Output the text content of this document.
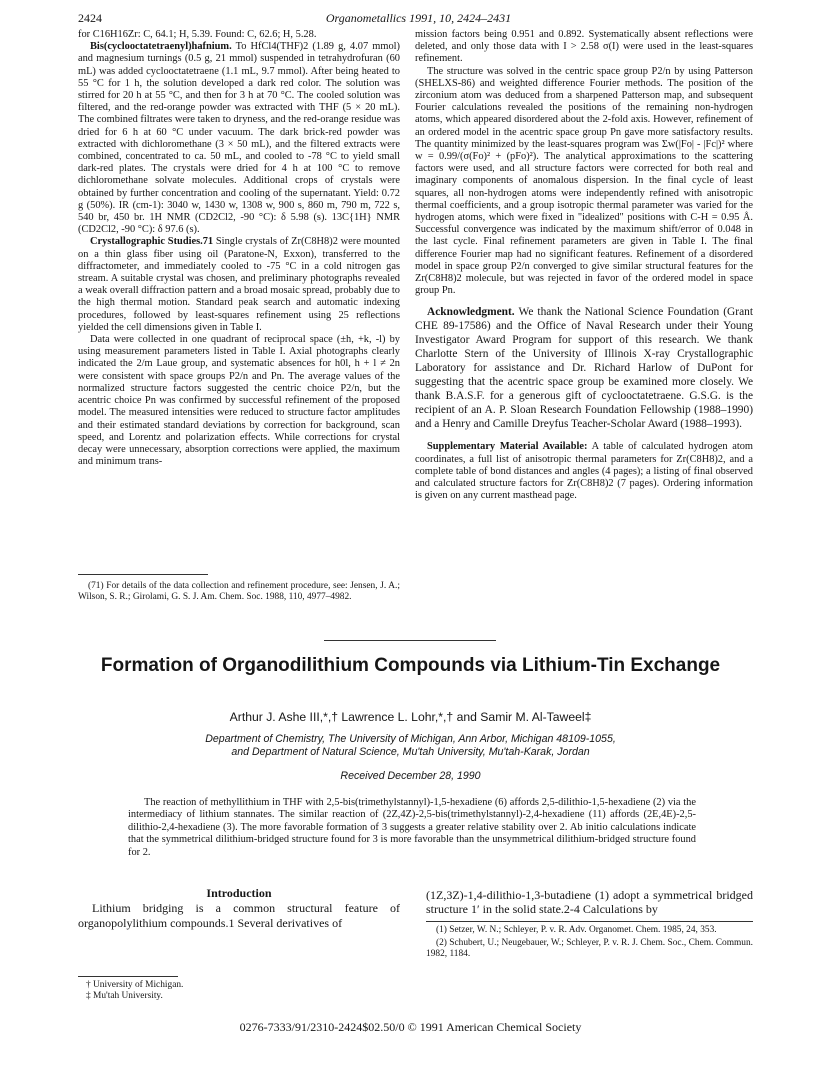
2424	Organometallics 1991, 10, 2424–2431

for C16H16Zr: C, 64.1; H, 5.39. Found: C, 62.6; H, 5.28.

Bis(cyclooctatetraenyl)hafnium. To HfCl4(THF)2 (1.89 g, 4.07 mmol) and magnesium turnings (0.5 g, 21 mmol) suspended in tetrahydrofuran (60 mL) was added cyclooctatetraene (1.1 mL, 9.7 mmol). After being heated to 55 °C for 1 h, the solution developed a dark red color. The solution was stirred for 20 h at 55 °C, and then for 3 h at 70 °C. The cooled solution was filtered, and the red-orange powder was extracted with THF (5 × 20 mL). The combined filtrates were taken to dryness, and the red-orange residue was dried for 6 h at 60 °C under vacuum. The dark brick-red powder was extracted with dichloromethane (3 × 50 mL), and the filtered extracts were combined, concentrated to ca. 50 mL, and cooled to -78 °C to yield small dark-red plates. The crystals were dried for 4 h at 100 °C to remove dichloromethane solvate molecules. Additional crops of crystals were obtained by further concentration and cooling of the supernatant. Yield: 0.72 g (50%). IR (cm-1): 3040 w, 1430 w, 1308 w, 900 s, 860 m, 790 m, 722 s, 540 br, 450 br. 1H NMR (CD2Cl2, -90 °C): δ 5.98 (s). 13C{1H} NMR (CD2Cl2, -90 °C): δ 97.6 (s).

Crystallographic Studies.71 Single crystals of Zr(C8H8)2 were mounted on a thin glass fiber using oil (Paratone-N, Exxon), transferred to the diffractometer, and immediately cooled to -75 °C in a cold nitrogen gas stream. A suitable crystal was chosen, and preliminary photographs revealed a weak overall diffraction pattern and a broad mosaic spread, probably due to the high thermal motion. Standard peak search and automatic indexing procedures, followed by least-squares refinement using 25 reflections yielded the cell dimensions given in Table I.

Data were collected in one quadrant of reciprocal space (±h, +k, -l) by using measurement parameters listed in Table I. Axial photographs clearly indicated the 2/m Laue group, and systematic absences for h0l, h + l ≠ 2n were consistent with space groups P2/n and Pn. The average values of the normalized structure factors suggested the centric choice P2/n, but the acentric choice Pn was confirmed by successful refinement of the proposed model. The measured intensities were reduced to structure factor amplitudes and their estimated standard deviations by correction for background, scan speed, and Lorentz and polarization effects. While corrections for crystal decay were unnecessary, absorption corrections were applied, the maximum and minimum trans-

(71) For details of the data collection and refinement procedure, see: Jensen, J. A.; Wilson, S. R.; Girolami, G. S. J. Am. Chem. Soc. 1988, 110, 4977–4982.

mission factors being 0.951 and 0.892. Systematically absent reflections were deleted, and only those data with I > 2.58 σ(I) were used in the least-squares refinement.

The structure was solved in the centric space group P2/n by using Patterson (SHELXS-86) and weighted difference Fourier methods. The position of the zirconium atom was deduced from a sharpened Patterson map, and subsequent Fourier calculations revealed the positions of the remaining non-hydrogen atoms, which appeared disordered about the 2-fold axis. However, refinement of an ordered model in the acentric space group Pn gave more satisfactory results. The quantity minimized by the least-squares program was Σw(|Fo| - |Fc|)² where w = 0.99/(σ(Fo)² + (pFo)²). The analytical approximations to the scattering factors were used, and all structure factors were corrected for both real and imaginary components of anomalous dispersion. In the final cycle of least squares, all non-hydrogen atoms were independently refined with anisotropic thermal coefficients, and a group isotropic thermal parameter was varied for the hydrogen atoms, which were fixed in "idealized" positions with C-H = 0.95 Å. Successful convergence was indicated by the maximum shift/error of 0.048 in the last cycle. Final refinement parameters are given in Table I. The final difference Fourier map had no significant features. Refinement of a disordered model in space group P2/n converged to give similar structural features for the Zr(C8H8)2 molecule, but was rejected in favor of the ordered model in space group Pn.

Acknowledgment. We thank the National Science Foundation (Grant CHE 89-17586) and the Office of Naval Research under their Young Investigator Award Program for support of this research. We thank Charlotte Stern of the University of Illinois X-ray Crystallographic Laboratory for assistance and Dr. Richard Harlow of DuPont for suggesting that the acentric space group be examined more closely. We thank B.A.S.F. for a generous gift of cyclooctatetraene. G.S.G. is the recipient of an A. P. Sloan Research Foundation Fellowship (1988–1990) and a Henry and Camille Dreyfus Teacher-Scholar Award (1988–1993).

Supplementary Material Available: A table of calculated hydrogen atom coordinates, a full list of anisotropic thermal parameters for Zr(C8H8)2, and a complete table of bond distances and angles (4 pages); a listing of final observed and calculated structure factors for Zr(C8H8)2 (7 pages). Ordering information is given on any current masthead page.

Formation of Organodilithium Compounds via Lithium-Tin Exchange
Arthur J. Ashe III,*,† Lawrence L. Lohr,*,† and Samir M. Al-Taweel‡
Department of Chemistry, The University of Michigan, Ann Arbor, Michigan 48109-1055,
and Department of Natural Science, Mu'tah University, Mu'tah-Karak, Jordan
Received December 28, 1990

The reaction of methyllithium in THF with 2,5-bis(trimethylstannyl)-1,5-hexadiene (6) affords 2,5-dilithio-1,5-hexadiene (2) via the intermediacy of lithium stannates. The similar reaction of (2Z,4Z)-2,5-bis(trimethylstannyl)-2,4-hexadiene (11) affords (2E,4E)-2,5-dilithio-2,4-hexadiene (3). The more favorable formation of 3 suggests a greater relative stability over 2. Ab initio calculations indicate that the symmetrical dilithium-bridged structure found for 3 is more favorable than the unsymmetrical dilithium-bridged structure found for 2.

Introduction

Lithium bridging is a common structural feature of organopolylithium compounds.1 Several derivatives of

(1Z,3Z)-1,4-dilithio-1,3-butadiene (1) adopt a symmetrical bridged structure 1′ in the solid state.2-4 Calculations by

(1) Setzer, W. N.; Schleyer, P. v. R. Adv. Organomet. Chem. 1985, 24, 353.

(2) Schubert, U.; Neugebauer, W.; Schleyer, P. v. R. J. Chem. Soc., Chem. Commun. 1982, 1184.

† University of Michigan.
‡ Mu'tah University.
0276-7333/91/2310-2424$02.50/0 © 1991 American Chemical Society
